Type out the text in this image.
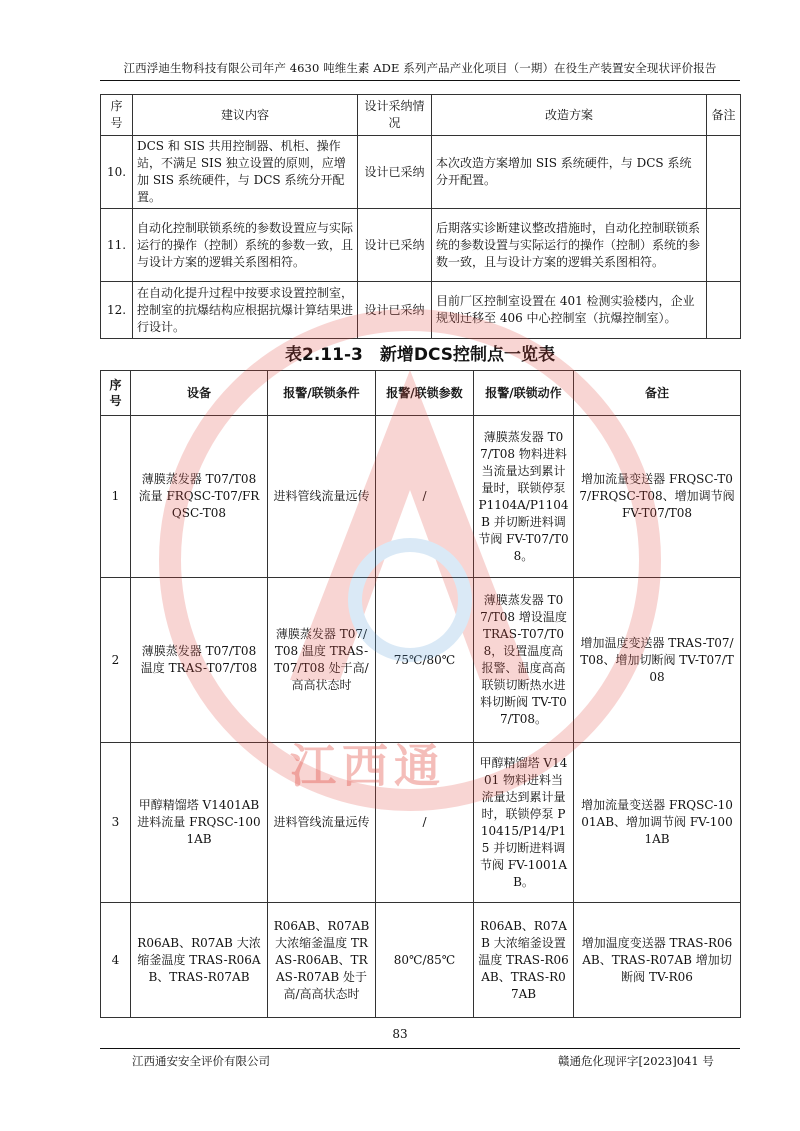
江西浮迪生物科技有限公司年产 4630 吨维生素 ADE 系列产品产业化项目（一期）在役生产装置安全现状评价报告
序号	建议内容	设计采纳情况	改造方案	备注
10.	DCS 和 SIS 共用控制器、机柜、操作站，不满足 SIS 独立设置的原则，应增加 SIS 系统硬件，与 DCS 系统分开配置。	设计已采纳	本次改造方案增加 SIS 系统硬件，与 DCS 系统分开配置。	
11.	自动化控制联锁系统的参数设置应与实际运行的操作（控制）系统的参数一致，且与设计方案的逻辑关系图相符。	设计已采纳	后期落实诊断建议整改措施时，自动化控制联锁系统的参数设置与实际运行的操作（控制）系统的参数一致，且与设计方案的逻辑关系图相符。	
12.	在自动化提升过程中按要求设置控制室，控制室的抗爆结构应根据抗爆计算结果进行设计。	设计已采纳	目前厂区控制室设置在 401 检测实验楼内，企业规划迁移至 406 中心控制室（抗爆控制室）。	
表2.11-3　新增DCS控制点一览表
序号	设备	报警/联锁条件	报警/联锁参数	报警/联锁动作	备注
1	薄膜蒸发器 T07/T08 流量 FRQSC-T07/FRQSC-T08	进料管线流量远传	/	薄膜蒸发器 T07/T08 物料进料当流量达到累计量时，联锁停泵 P1104A/P1104B 并切断进料调节阀 FV-T07/T08。	增加流量变送器 FRQSC-T07/FRQSC-T08、增加调节阀 FV-T07/T08
2	薄膜蒸发器 T07/T08 温度 TRAS-T07/T08	薄膜蒸发器 T07/T08 温度 TRAS-T07/T08 处于高/高高状态时	75℃/80℃	薄膜蒸发器 T07/T08 增设温度 TRAS-T07/T08，设置温度高报警、温度高高联锁切断热水进料切断阀 TV-T07/T08。	增加温度变送器 TRAS-T07/T08、增加切断阀 TV-T07/T08
3	甲醇精馏塔 V1401AB 进料流量 FRQSC-1001AB	进料管线流量远传	/	甲醇精馏塔 V1401 物料进料当流量达到累计量时，联锁停泵 P10415/P14/P15 并切断进料调节阀 FV-1001AB。	增加流量变送器 FRQSC-1001AB、增加调节阀 FV-1001AB
4	R06AB、R07AB 大浓缩釜温度 TRAS-R06AB、TRAS-R07AB	R06AB、R07AB 大浓缩釜温度 TRAS-R06AB、TRAS-R07AB 处于高/高高状态时	80℃/85℃	R06AB、R07AB 大浓缩釜设置温度 TRAS-R06AB、TRAS-R07AB	增加温度变送器 TRAS-R06AB、TRAS-R07AB 增加切断阀 TV-R06
江西通
83
江西通安安全评价有限公司	赣通危化现评字[2023]041 号
